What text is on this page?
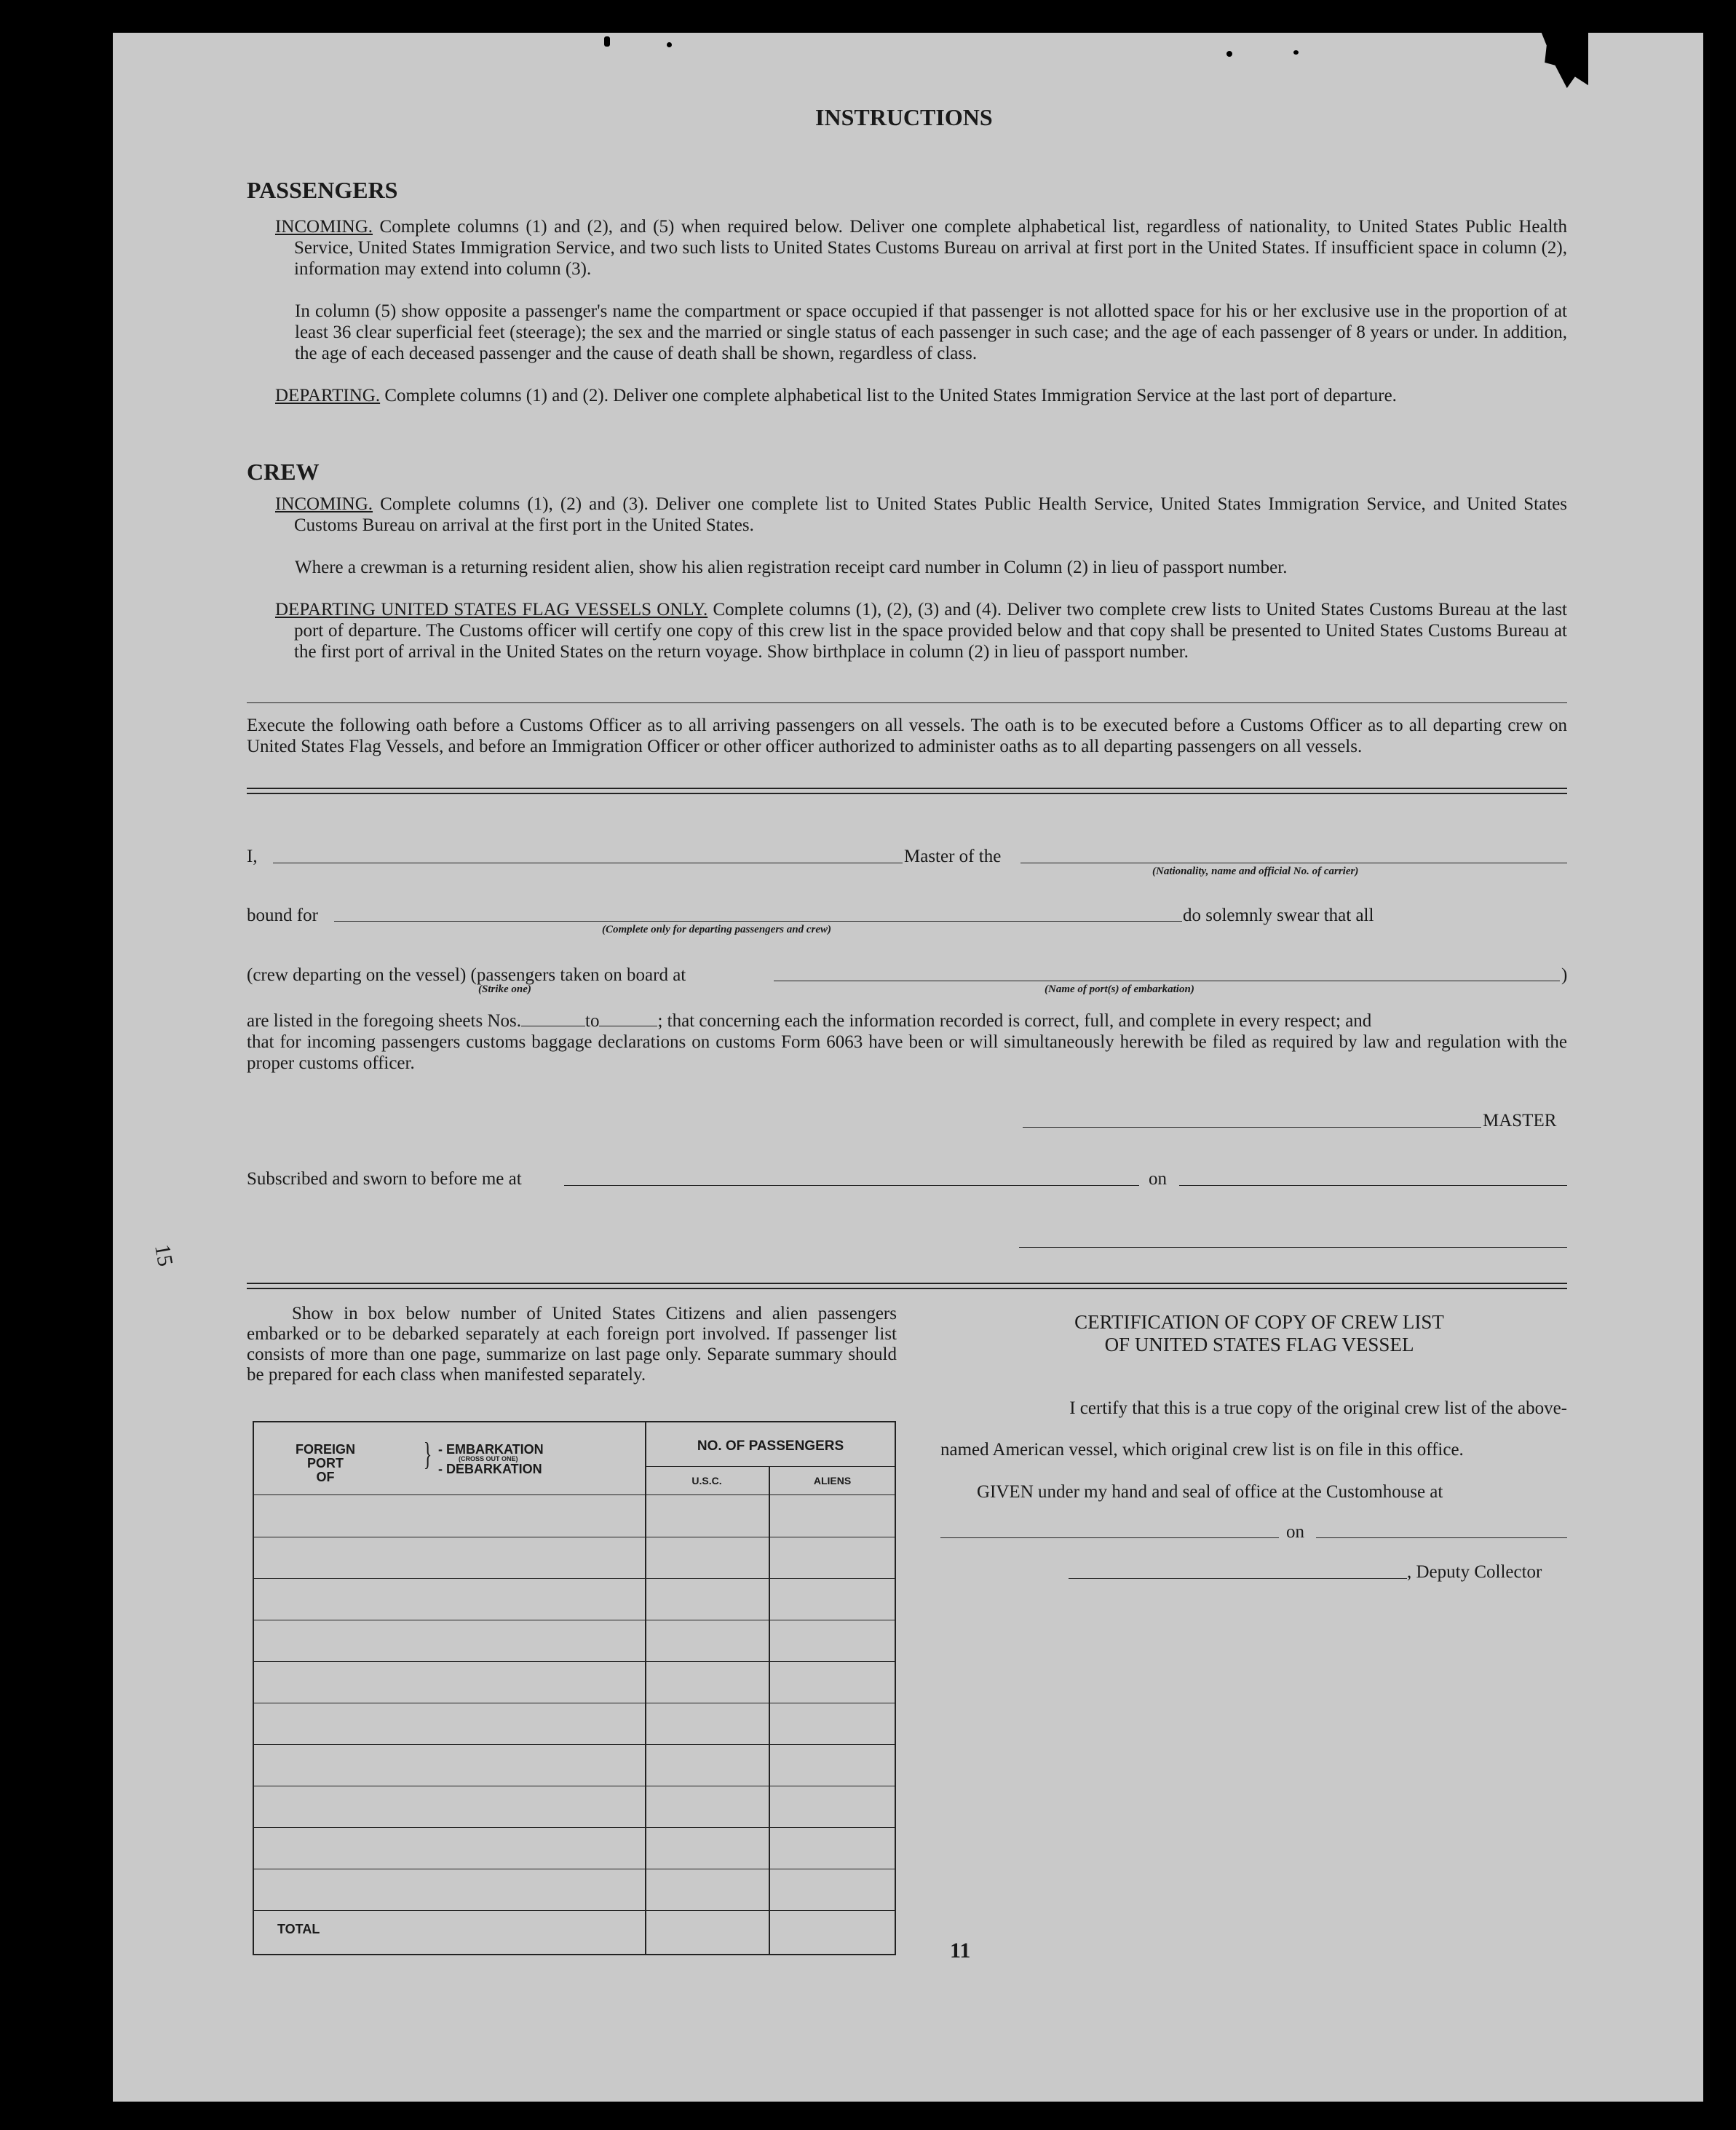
INSTRUCTIONS
PASSENGERS
INCOMING. Complete columns (1) and (2), and (5) when required below. Deliver one complete alphabetical list, regardless of nationality, to United States Public Health Service, United States Immigration Service, and two such lists to United States Customs Bureau on arrival at first port in the United States. If insufficient space in column (2), information may extend into column (3).
In column (5) show opposite a passenger's name the compartment or space occupied if that passenger is not allotted space for his or her exclusive use in the proportion of at least 36 clear superficial feet (steerage); the sex and the married or single status of each passenger in such case; and the age of each passenger of 8 years or under. In addition, the age of each deceased passenger and the cause of death shall be shown, regardless of class.
DEPARTING. Complete columns (1) and (2). Deliver one complete alphabetical list to the United States Immigration Service at the last port of departure.
CREW
INCOMING. Complete columns (1), (2) and (3). Deliver one complete list to United States Public Health Service, United States Immigration Service, and United States Customs Bureau on arrival at the first port in the United States.
Where a crewman is a returning resident alien, show his alien registration receipt card number in Column (2) in lieu of passport number.
DEPARTING UNITED STATES FLAG VESSELS ONLY. Complete columns (1), (2), (3) and (4). Deliver two complete crew lists to United States Customs Bureau at the last port of departure. The Customs officer will certify one copy of this crew list in the space provided below and that copy shall be presented to United States Customs Bureau at the first port of arrival in the United States on the return voyage. Show birthplace in column (2) in lieu of passport number.
Execute the following oath before a Customs Officer as to all arriving passengers on all vessels. The oath is to be executed before a Customs Officer as to all departing crew on United States Flag Vessels, and before an Immigration Officer or other officer authorized to administer oaths as to all departing passengers on all vessels.
I,	Master of the
(Nationality, name and official No. of carrier)
bound for
(Complete only for departing passengers and crew)
do solemnly swear that all
(crew departing on the vessel) (passengers taken on board at	)
(Strike one)	(Name of port(s) of embarkation)
are listed in the foregoing sheets Nos.	to	; that concerning each the information recorded is correct, full, and complete in every respect; and
that for incoming passengers customs baggage declarations on customs Form 6063 have been or will simultaneously herewith be filed as required by law and regulation with the proper customs officer.
MASTER
Subscribed and sworn to before me at	on
15
Show in box below number of United States Citizens and alien passengers embarked or to be debarked separately at each foreign port involved. If passenger list consists of more than one page, summarize on last page only. Separate summary should be prepared for each class when manifested separately.
FOREIGN
PORT
OF
} - EMBARKATION
(CROSS OUT ONE)
- DEBARKATION
NO. OF PASSENGERS
U.S.C.	ALIENS
TOTAL
CERTIFICATION OF COPY OF CREW LIST
OF UNITED STATES FLAG VESSEL
I certify that this is a true copy of the original crew list of the above-
named American vessel, which original crew list is on file in this office.
GIVEN under my hand and seal of office at the Customhouse at
on
, Deputy Collector
11
